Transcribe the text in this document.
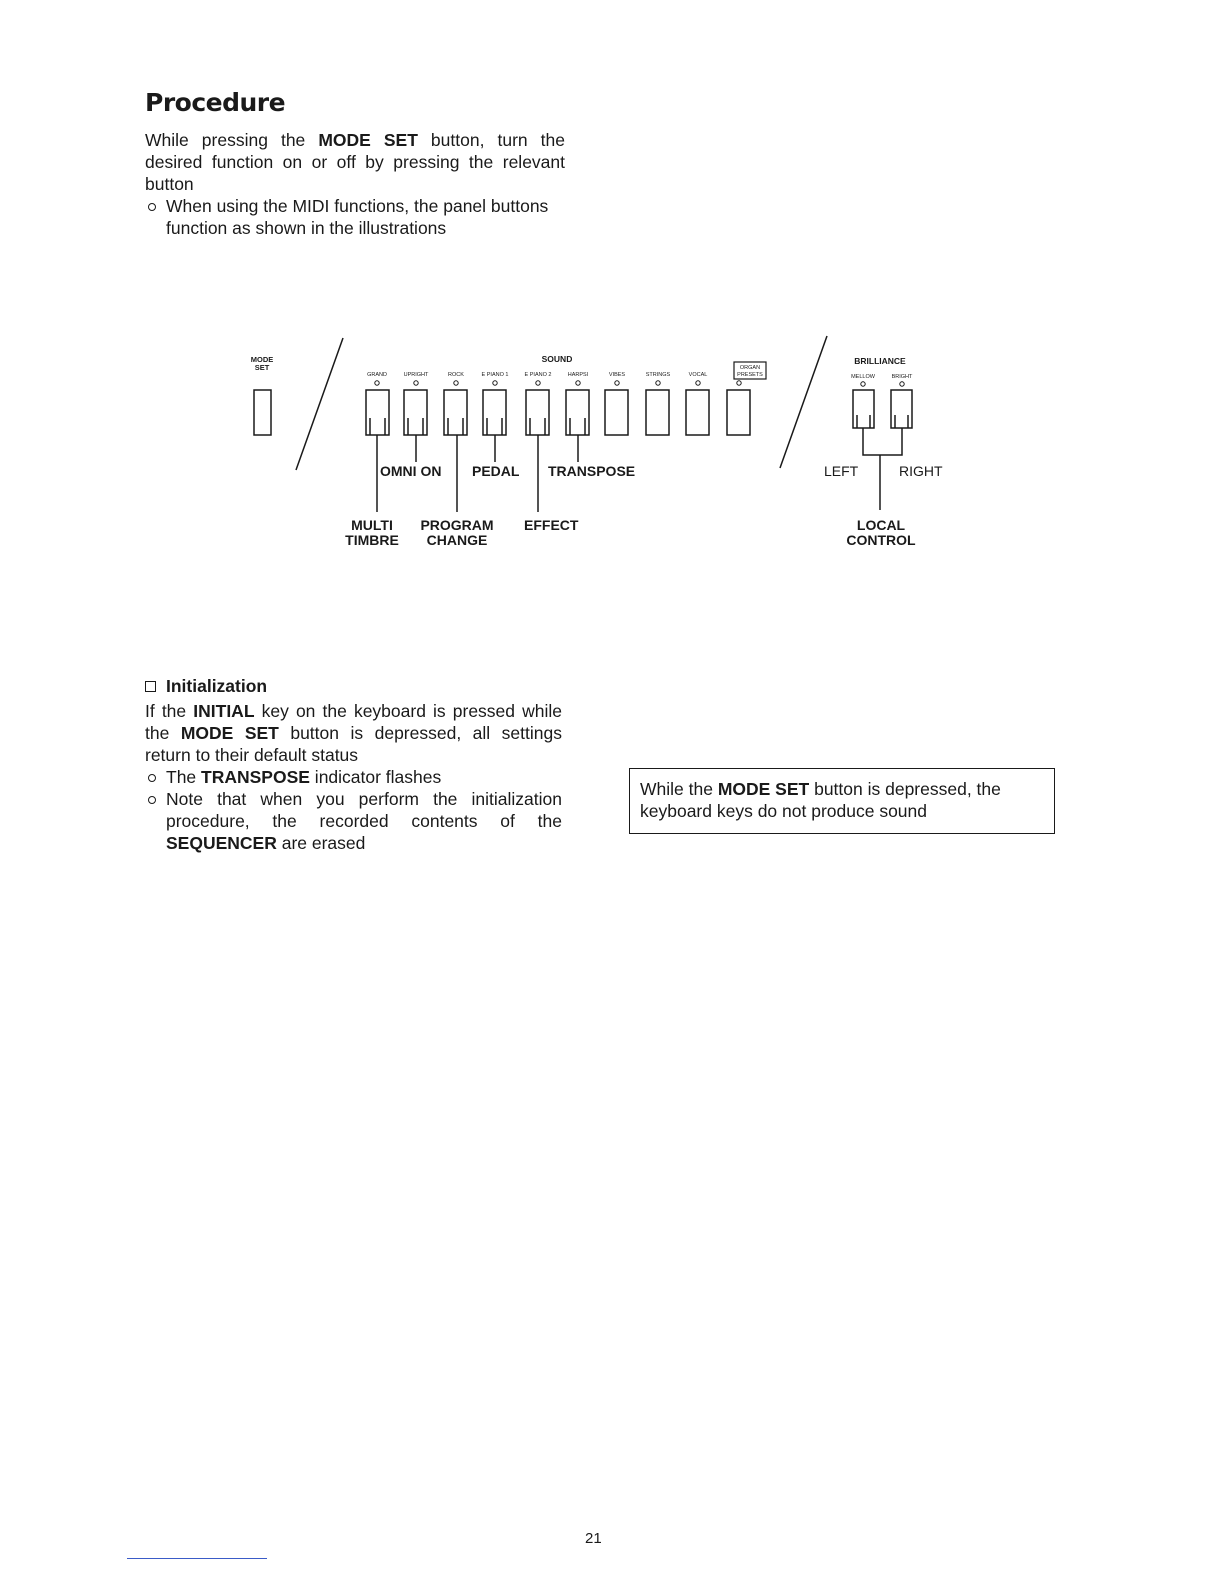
Procedure
While pressing the MODE SET button, turn the desired function on or off by pressing the relevant button
When using the MIDI functions, the panel buttons function as shown in the illustrations
MODE
SET
SOUND	BRILLIANCE
GRAND	UPRIGHT	ROCK	E PIANO 1	E PIANO 2	HARPSI	VIBES	STRINGS	VOCAL
ORGAN
PRESETS	MELLOW	BRIGHT
OMNI ON PEDAL TRANSPOSE
EFFECT
MULTI
TIMBRE
PROGRAM
CHANGE
LOCAL
CONTROL
LEFT	RIGHT
Initialization
If the INITIAL key on the keyboard is pressed while the MODE SET button is depressed, all settings return to their default status
The TRANSPOSE indicator flashes
Note that when you perform the initialization procedure, the recorded contents of the SEQUENCER are erased
While the MODE SET button is depressed, the keyboard keys do not produce sound
21
